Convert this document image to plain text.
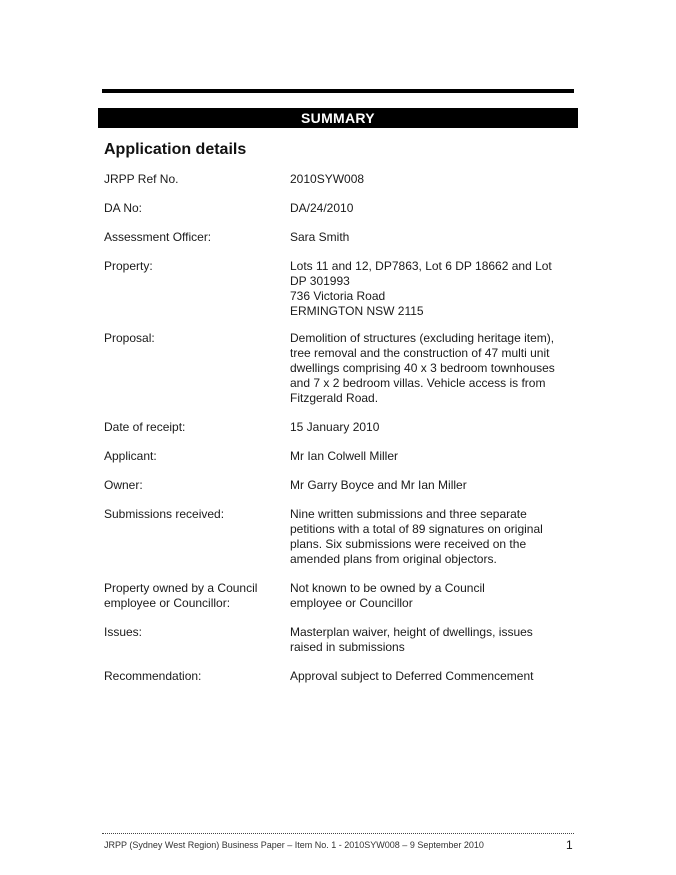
SUMMARY
Application details
JRPP Ref No.	2010SYW008
DA No:	DA/24/2010
Assessment Officer:	Sara Smith
Property:	Lots 11 and 12, DP7863, Lot 6 DP 18662 and Lot
DP 301993
736 Victoria Road
ERMINGTON NSW 2115
Proposal:	Demolition of structures (excluding heritage item),
tree removal and the construction of 47 multi unit
dwellings comprising 40 x 3 bedroom townhouses
and 7 x 2 bedroom villas. Vehicle access is from
Fitzgerald Road.
Date of receipt:	15 January 2010
Applicant:	Mr Ian Colwell Miller
Owner:	Mr Garry Boyce and Mr Ian Miller
Submissions received:	Nine written submissions and three separate
petitions with a total of 89 signatures on original
plans. Six submissions were received on the
amended plans from original objectors.
Property owned by a Council
employee or Councillor:
Not known to be owned by a Council
employee or Councillor
Issues:	Masterplan waiver, height of dwellings, issues
raised in submissions
Recommendation:	Approval subject to Deferred Commencement
JRPP (Sydney West Region) Business Paper – Item No. 1 - 2010SYW008 – 9 September 2010	1
